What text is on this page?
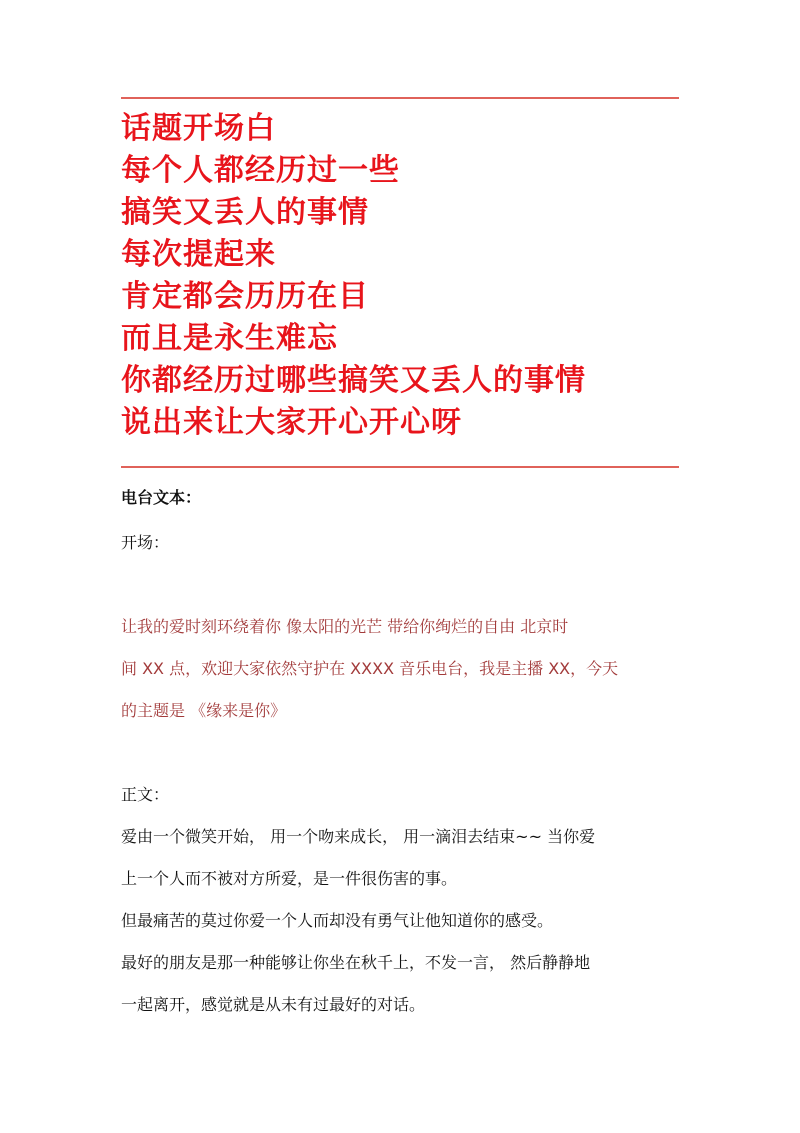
话题开场白
每个人都经历过一些
搞笑又丢人的事情
每次提起来
肯定都会历历在目
而且是永生难忘
你都经历过哪些搞笑又丢人的事情
说出来让大家开心开心呀
电台文本：
开场：
让我的爱时刻环绕着你 像太阳的光芒 带给你绚烂的自由 北京时
间 XX 点，欢迎大家依然守护在 XXXX 音乐电台，我是主播 XX，今天
的主题是 《缘来是你》
正文：
爱由一个微笑开始， 用一个吻来成长， 用一滴泪去结束~~ 当你爱
上一个人而不被对方所爱，是一件很伤害的事。
但最痛苦的莫过你爱一个人而却没有勇气让他知道你的感受。
最好的朋友是那一种能够让你坐在秋千上，不发一言， 然后静静地
一起离开，感觉就是从未有过最好的对话。
